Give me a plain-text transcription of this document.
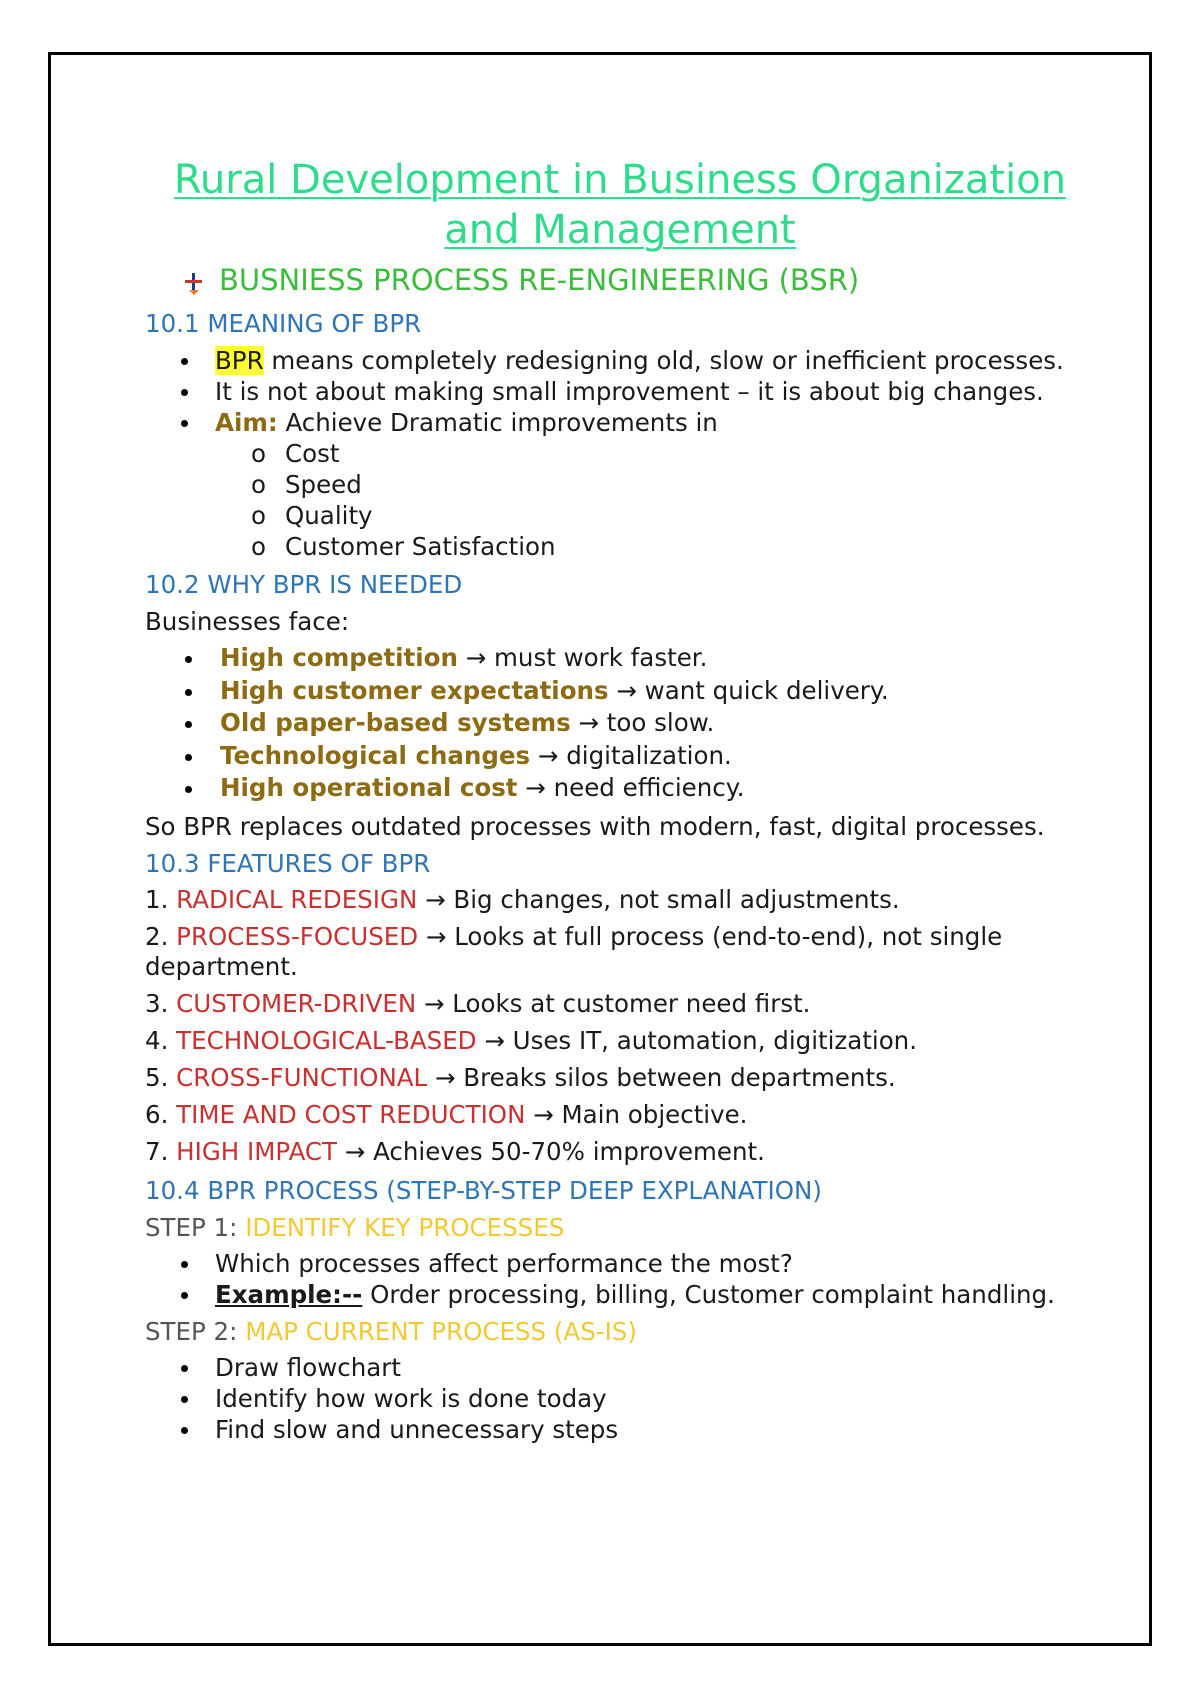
Rural Development in Business Organization
and Management
BUSNIESS PROCESS RE-ENGINEERING (BSR)
10.1 MEANING OF BPR
BPR means completely redesigning old, slow or inefficient processes.
It is not about making small improvement – it is about big changes.
Aim: Achieve Dramatic improvements in
o Cost
o Speed
o Quality
o Customer Satisfaction
10.2 WHY BPR IS NEEDED

Businesses face:

High competition → must work faster.
High customer expectations → want quick delivery.
Old paper-based systems → too slow.
Technological changes → digitalization.
High operational cost → need efficiency.

So BPR replaces outdated processes with modern, fast, digital processes.

10.3 FEATURES OF BPR
1. RADICAL REDESIGN → Big changes, not small adjustments.
2. PROCESS-FOCUSED → Looks at full process (end-to-end), not single department.
3. CUSTOMER-DRIVEN → Looks at customer need first.
4. TECHNOLOGICAL-BASED → Uses IT, automation, digitization.
5. CROSS-FUNCTIONAL → Breaks silos between departments.
6. TIME AND COST REDUCTION → Main objective.
7. HIGH IMPACT → Achieves 50-70% improvement.
10.4 BPR PROCESS (STEP-BY-STEP DEEP EXPLANATION)
STEP 1: IDENTIFY KEY PROCESSES
Which processes affect performance the most?
Example:-- Order processing, billing, Customer complaint handling.
STEP 2: MAP CURRENT PROCESS (AS-IS)
Draw flowchart
Identify how work is done today
Find slow and unnecessary steps
